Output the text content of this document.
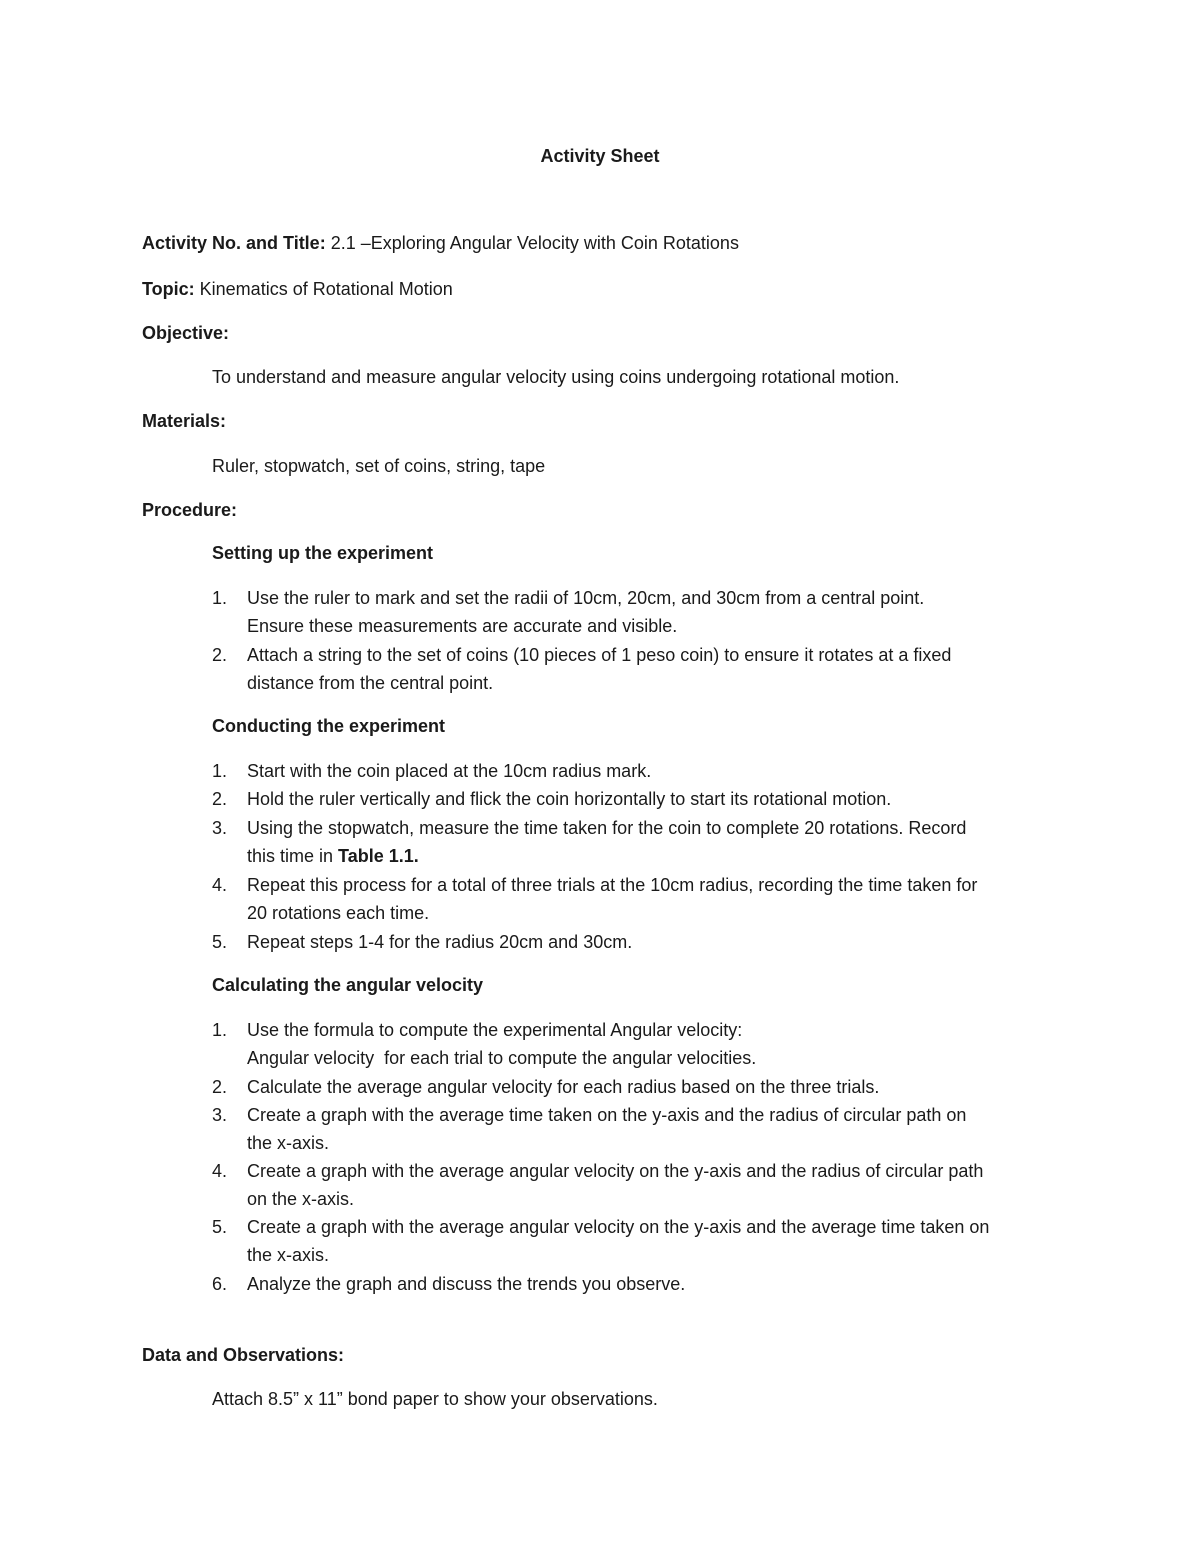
Activity Sheet
Activity No. and Title: 2.1 –Exploring Angular Velocity with Coin Rotations
Topic: Kinematics of Rotational Motion
Objective:
To understand and measure angular velocity using coins undergoing rotational motion.
Materials:
Ruler, stopwatch, set of coins, string, tape
Procedure:
Setting up the experiment
1.	Use the ruler to mark and set the radii of 10cm, 20cm, and 30cm from a central point.
Ensure these measurements are accurate and visible.
2.	Attach a string to the set of coins (10 pieces of 1 peso coin) to ensure it rotates at a fixed
distance from the central point.
Conducting the experiment
1.	Start with the coin placed at the 10cm radius mark.
2.	Hold the ruler vertically and flick the coin horizontally to start its rotational motion.
3.	Using the stopwatch, measure the time taken for the coin to complete 20 rotations. Record
this time in Table 1.1.
4.	Repeat this process for a total of three trials at the 10cm radius, recording the time taken for
20 rotations each time.
5.	Repeat steps 1-4 for the radius 20cm and 30cm.
Calculating the angular velocity
1.	Use the formula to compute the experimental Angular velocity:
Angular velocity  for each trial to compute the angular velocities.
2.	Calculate the average angular velocity for each radius based on the three trials.
3.	Create a graph with the average time taken on the y-axis and the radius of circular path on
the x-axis.
4.	Create a graph with the average angular velocity on the y-axis and the radius of circular path
on the x-axis.
5.	Create a graph with the average angular velocity on the y-axis and the average time taken on
the x-axis.
6.	Analyze the graph and discuss the trends you observe.
Data and Observations:
Attach 8.5” x 11” bond paper to show your observations.
